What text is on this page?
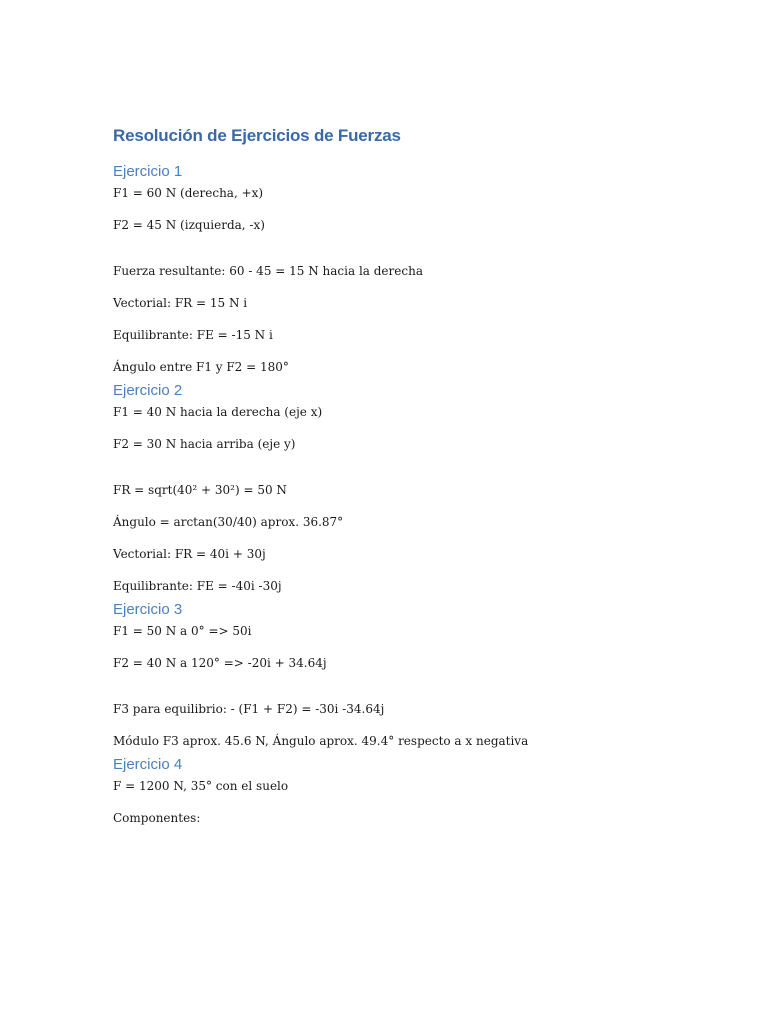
Resolución de Ejercicios de Fuerzas
Ejercicio 1

F1 = 60 N (derecha, +x)

F2 = 45 N (izquierda, -x)

Fuerza resultante: 60 - 45 = 15 N hacia la derecha

Vectorial: FR = 15 N i

Equilibrante: FE = -15 N i

Ángulo entre F1 y F2 = 180°

Ejercicio 2

F1 = 40 N hacia la derecha (eje x)

F2 = 30 N hacia arriba (eje y)

FR = sqrt(40² + 30²) = 50 N

Ángulo = arctan(30/40) aprox. 36.87°

Vectorial: FR = 40i + 30j

Equilibrante: FE = -40i -30j

Ejercicio 3

F1 = 50 N a 0° => 50i

F2 = 40 N a 120° => -20i + 34.64j

F3 para equilibrio: - (F1 + F2) = -30i -34.64j

Módulo F3 aprox. 45.6 N, Ángulo aprox. 49.4° respecto a x negativa

Ejercicio 4

F = 1200 N, 35° con el suelo

Componentes:
